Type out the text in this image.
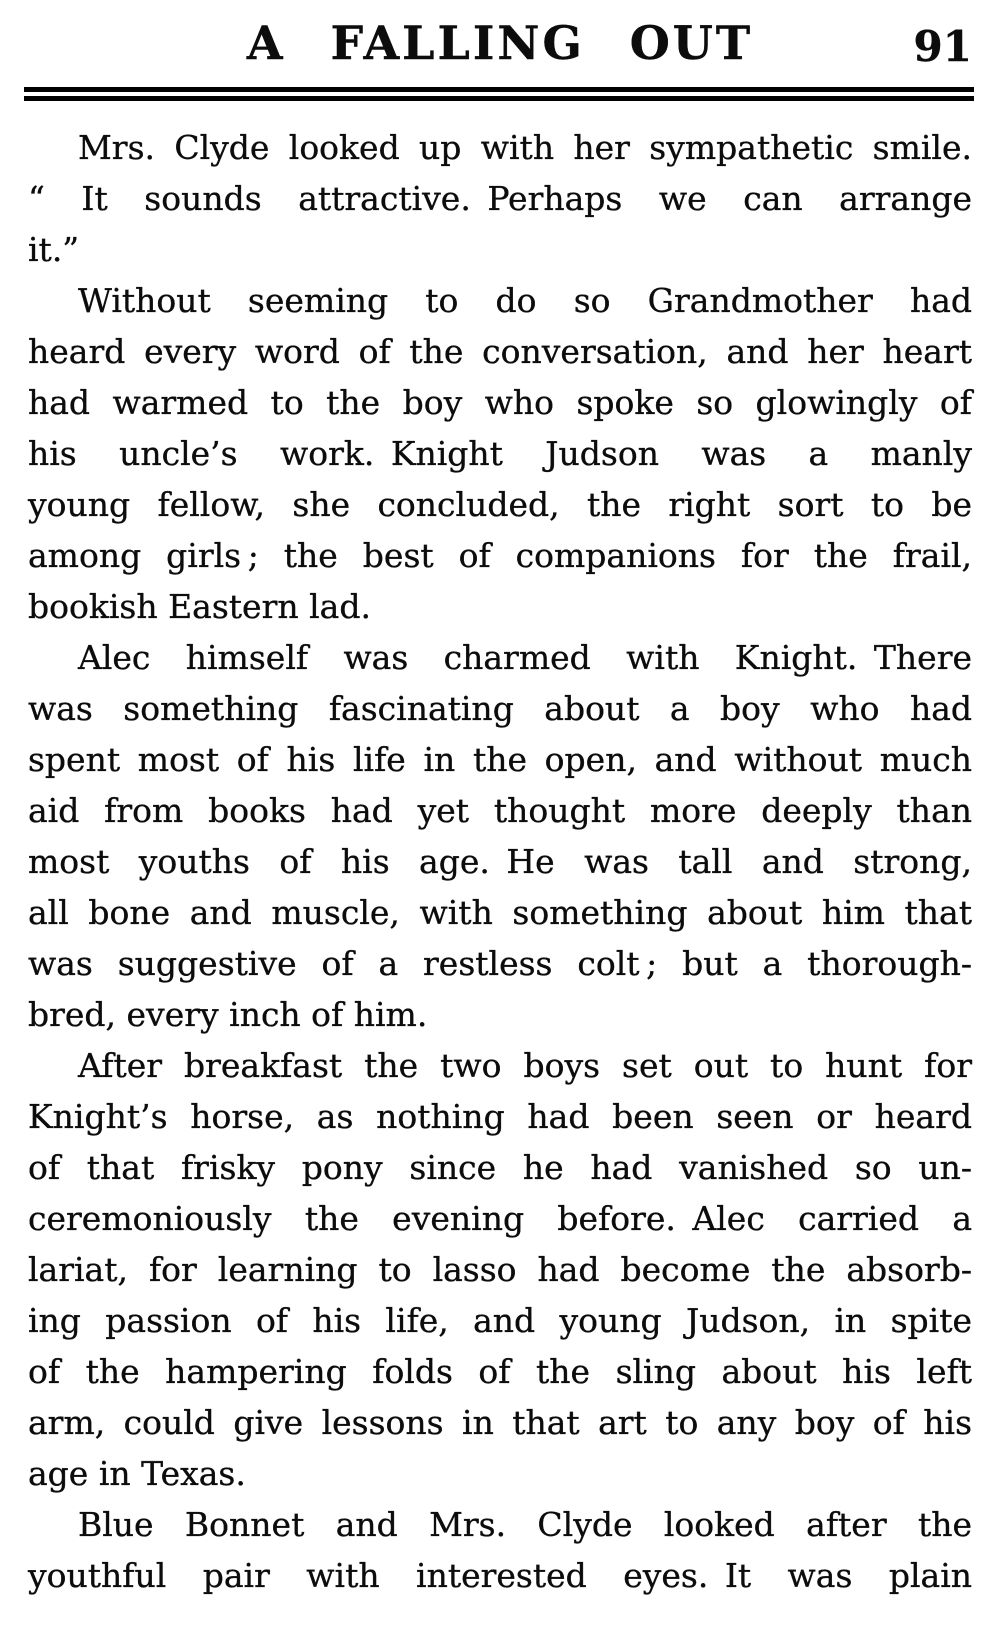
A FALLING OUT	91
Mrs. Clyde looked up with her sympathetic smile.
“ It sounds attractive. Perhaps we can arrange
it.”
Without seeming to do so Grandmother had
heard every word of the conversation, and her heart
had warmed to the boy who spoke so glowingly of
his uncle’s work. Knight Judson was a manly
young fellow, she concluded, the right sort to be
among girls ; the best of companions for the frail,
bookish Eastern lad.
Alec himself was charmed with Knight. There
was something fascinating about a boy who had
spent most of his life in the open, and without much
aid from books had yet thought more deeply than
most youths of his age. He was tall and strong,
all bone and muscle, with something about him that
was suggestive of a restless colt ; but a thorough-
bred, every inch of him.
After breakfast the two boys set out to hunt for
Knight’s horse, as nothing had been seen or heard
of that frisky pony since he had vanished so un-
ceremoniously the evening before. Alec carried a
lariat, for learning to lasso had become the absorb-
ing passion of his life, and young Judson, in spite
of the hampering folds of the sling about his left
arm, could give lessons in that art to any boy of his
age in Texas.
Blue Bonnet and Mrs. Clyde looked after the
youthful pair with interested eyes. It was plain
